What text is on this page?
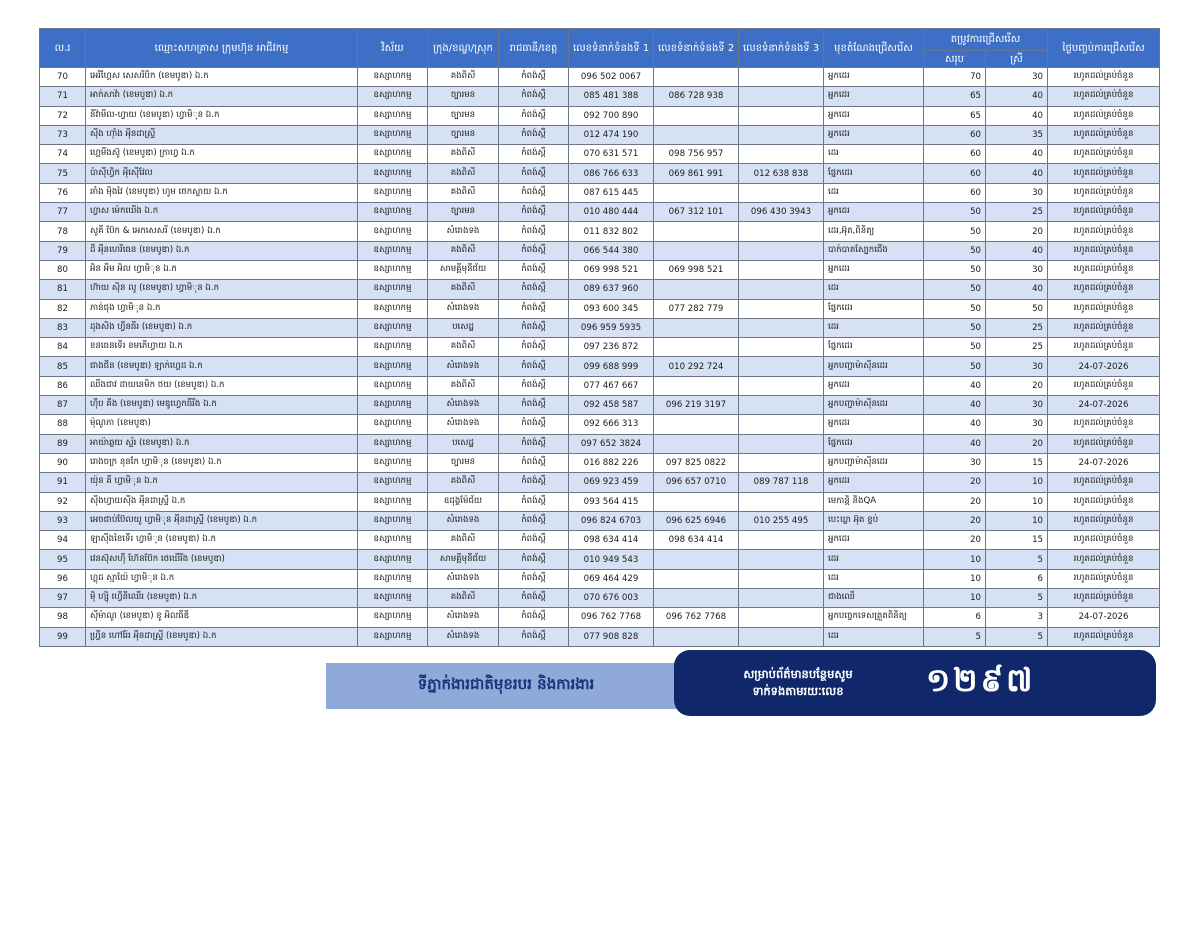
ល.រ	ឈ្មោះសហគ្រាស ក្រុមហ៊ុន អាជីវកម្ម	វិស័យ	ក្រុង/ខណ្ឌ/ស្រុក	រាជធានី/ខេត្ត	លេខទំនាក់ទំនងទី 1	លេខទំនាក់ទំនងទី 2	លេខទំនាក់ទំនងទី 3	មុខតំណែងជ្រើសរើស	តម្រូវការជ្រើសរើស		ថ្ងៃបញ្ចប់ការជ្រើសរើស
									សរុប	ស្រី	
70	អេរីហ្គែស សេសរិបិក (ខេមបូឌា) ឯ.ក	ឧស្សាហកម្ម	គងពិសី	កំពង់ស្ពឺ	096 502 0067			អ្នកដេរ	70	30	រហូតដល់គ្រប់ចំនួន
71	អាក់សាវ៉ា (ខេមបូឌា) ឯ.ក	ឧស្សាហកម្ម	ច្បារមន	កំពង់ស្ពឺ	085 481 388	086 728 938		អ្នកដេរ	65	40	រហូតដល់គ្រប់ចំនួន
72	នីវ៉ាមីល-ហ្វាយ (ខេមបូឌា) ហ្វាមិុន ឯ.ក	ឧស្សាហកម្ម	ច្បារមន	កំពង់ស្ពឺ	092 700 890			អ្នកដេរ	65	40	រហូតដល់គ្រប់ចំនួន
73	សុីង ហ៊ាំង អុីនដាស្ទ្រី	ឧស្សាហកម្ម	ច្បារមន	កំពង់ស្ពឺ	012 474 190			អ្នកដេរ	60	35	រហូតដល់គ្រប់ចំនួន
74	ហ្គេមីងស៊ូ (ខេមបូឌា) ក្រាហ្វ ឯ.ក	ឧស្សាហកម្ម	គងពិសី	កំពង់ស្ពឺ	070 631 571	098 756 957		ដេរ	60	40	រហូតដល់គ្រប់ចំនួន
75	ប៉ាសុីហ្វិក អុីស៊ើវែល	ឧស្សាហកម្ម	គងពិសី	កំពង់ស្ពឺ	086 766 633	069 861 991	012 638 838	ផ្នែកដេរ	60	40	រហូតដល់គ្រប់ចំនួន
76	ឆាំង ម៉ិងវៃ (ខេមបូឌា) ហូម ថេកស្ទាយ ឯ.ក	ឧស្សាហកម្ម	គងពិសី	កំពង់ស្ពឺ	087 615 445			ដេរ	60	30	រហូតដល់គ្រប់ចំនួន
77	ហ្វាស ម៉េកឃើង ឯ.ក	ឧស្សាហកម្ម	ច្បារមន	កំពង់ស្ពឺ	010 480 444	067 312 101	096 430 3943	អ្នកដេរ	50	25	រហូតដល់គ្រប់ចំនួន
78	សូគី ប៊ែក & អេកសេសរី (ខេមបូឌា) ឯ.ក	ឧស្សាហកម្ម	សំរោងទង	កំពង់ស្ពឺ	011 832 802			ដេរ,អ៊ុត,ពិនិត្យ	50	20	រហូតដល់គ្រប់ចំនួន
79	ដឹ អុីនហេរីធេន (ខេមបូឌា) ឯ.ក	ឧស្សាហកម្ម	គងពិសី	កំពង់ស្ពឺ	066 544 380			បាក់បាតស្បែកជើង	50	40	រហូតដល់គ្រប់ចំនួន
80	អិន អឹម អិល ហ្វាមិុន ឯ.ក	ឧស្សាហកម្ម	សាមគ្គីមុនីជ័យ	កំពង់ស្ពឺ	069 998 521	069 998 521		អ្នកដេរ	50	30	រហូតដល់គ្រប់ចំនួន
81	ហ៊ាយ ស៊ិន លូ (ខេមបូឌា) ហ្វាមិុន ឯ.ក	ឧស្សាហកម្ម	គងពិសី	កំពង់ស្ពឺ	089 637 960			ដេរ	50	40	រហូតដល់គ្រប់ចំនួន
82	ភាន់ជុង ហ្វាមិុន ឯ.ក	ឧស្សាហកម្ម	សំរោងទង	កំពង់ស្ពឺ	093 600 345	077 282 779		ផ្នែកដេរ	50	50	រហូតដល់គ្រប់ចំនួន
83	ដុងសិង ហ្វីនធីរ (ខេមបូឌា) ឯ.ក	ឧស្សាហកម្ម	បសេដ្ឋ	កំពង់ស្ពឺ	096 959 5935			ដេរ	50	25	រហូតដល់គ្រប់ចំនួន
84	ខនធេនទើរ ខមភើហ្វាយ ឯ.ក	ឧស្សាហកម្ម	គងពិសី	កំពង់ស្ពឺ	097 236 872			ផ្នែកដេរ	50	25	រហូតដល់គ្រប់ចំនួន
85	ជាងជីន (ខេមបូឌា) ឡាក់ហ្គេដ ឯ.ក	ឧស្សាហកម្ម	សំរោងទង	កំពង់ស្ពឺ	099 688 999	010 292 724		អ្នកបញ្ជាម៉ាស៊ីនដេរ	50	30	24-07-2026
86	ឈឺងជាវ ដាយនេមិក ថយ (ខេមបូឌា) ឯ.ក	ឧស្សាហកម្ម	គងពិសី	កំពង់ស្ពឺ	077 467 667			អ្នកដេរ	40	20	រហូតដល់គ្រប់ចំនួន
87	ហ៊ីប គីង (ខេមបូឌា) មេឌូហ្វេកធីរីង ឯ.ក	ឧស្សាហកម្ម	សំរោងទង	កំពង់ស្ពឺ	092 458 587	096 219 3197		អ្នកបញ្ជាម៉ាស៊ីនដេរ	40	30	24-07-2026
88	ម៉ុណូភា (ខេមបូឌា)	ឧស្សាហកម្ម	សំរោងទង	កំពង់ស្ពឺ	092 666 313			អ្នកដេរ	40	30	រហូតដល់គ្រប់ចំនួន
89	អាយ៉ាឆ្លយ ស្ទ័រ (ខេមបូឌា) ឯ.ក	ឧស្សាហកម្ម	បសេដ្ឋ	កំពង់ស្ពឺ	097 652 3824			ផ្នែកដេរ	40	20	រហូតដល់គ្រប់ចំនួន
90	រោងចក្រ នុនកែ ហ្វាមិុន (ខេមបូឌា) ឯ.ក	ឧស្សាហកម្ម	ច្បារមន	កំពង់ស្ពឺ	016 882 226	097 825 0822		អ្នកបញ្ជាម៉ាស៊ីនដេរ	30	15	24-07-2026
91	យ៉ុន គី ហ្វាមិុន ឯ.ក	ឧស្សាហកម្ម	គងពិសី	កំពង់ស្ពឺ	069 923 459	096 657 0710	089 787 118	អ្នកដេរ	20	10	រហូតដល់គ្រប់ចំនួន
92	សុីងហ្វាយស៊ីង អុីនដាស្ទ្រី ឯ.ក	ឧស្សាហកម្ម	ឧដុង្គម៉ែជ័យ	កំពង់ស្ពឺ	093 564 415			មេកាន្តិ និងQA	20	10	រហូតដល់គ្រប់ចំនួន
93	អេចជាប់ប៊ែលយូ ហ្វាមិុន អុីនដាស្ទ្រី (ខេមបូឌា) ឯ.ក	ឧស្សាហកម្ម	សំរោងទង	កំពង់ស្ពឺ	096 824 6703	096 625 6946	010 255 495	បេះឃ្លា អ៊ុត ខ្ចប់	20	10	រហូតដល់គ្រប់ចំនួន
94	ឡាស៊ីងខៃទើរ ហ្វាមិុន (ខេមបូឌា) ឯ.ក	ឧស្សាហកម្ម	គងពិសី	កំពង់ស្ពឺ	098 634 414	098 634 414		អ្នកដេរ	20	15	រហូតដល់គ្រប់ចំនួន
95	វេនស៊ុសហ៊ី ហ៊ែនប៊ែក ថេឃើរីង (ខេមបូឌា)	ឧស្សាហកម្ម	សាមគ្គីមុនីជ័យ	កំពង់ស្ពឺ	010 949 543			ដេរ	10	5	រហូតដល់គ្រប់ចំនួន
96	ហ្គុដ ស្មាយ៉ែ ហ្វាមិុន ឯ.ក	ឧស្សាហកម្ម	សំរោងទង	កំពង់ស្ពឺ	069 464 429			ដេរ	10	6	រហូតដល់គ្រប់ចំនួន
97	ម៉ិ ហ្ស៊ិ ហ្វើនីឈើរ (ខេមបូឌា) ឯ.ក	ឧស្សាហកម្ម	គងពិសី	កំពង់ស្ពឺ	070 676 003			ជាងឈើ	10	5	រហូតដល់គ្រប់ចំនួន
98	សុីម៉ាណូ (ខេមបូឌា) ខូ អិលធីឌី	ឧស្សាហកម្ម	សំរោងទង	កំពង់ស្ពឺ	096 762 7768	096 762 7768		អ្នកបច្ចេកទេសត្រួតពិនិត្យ	6	3	24-07-2026
99	ហ្រ្វីន ហៅរ៉ែរ អុីនដាស្ទ្រី (ខេមបូឌា) ឯ.ក	ឧស្សាហកម្ម	សំរោងទង	កំពង់ស្ពឺ	077 908 828			ដេរ	5	5	រហូតដល់គ្រប់ចំនួន
ទីភ្នាក់ងារជាតិមុខរបរ និងការងារ
សម្រាប់ព័ត៌មានបន្ថែមសូម
ទាក់ទងតាមរយៈលេខ	១២៩៧
